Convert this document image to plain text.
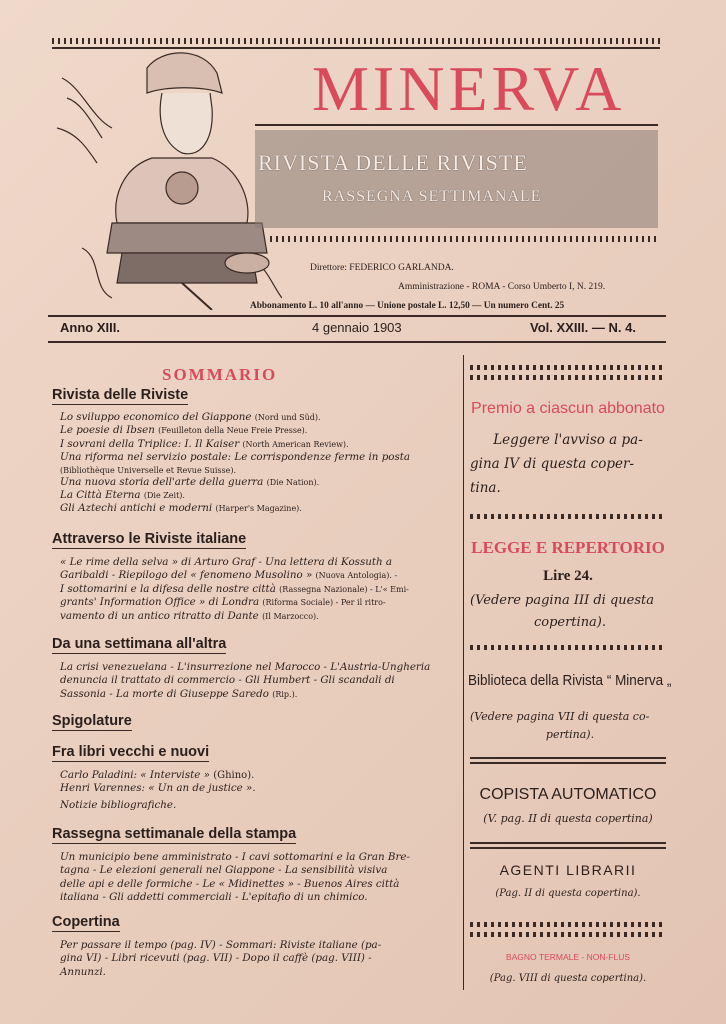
MINERVA
RIVISTA DELLE RIVISTE
RASSEGNA SETTIMANALE
Direttore: FEDERICO GARLANDA.
Amministrazione - ROMA - Corso Umberto I, N. 219.
Abbonamento L. 10 all'anno — Unione postale L. 12,50 — Un numero Cent. 25
Anno XIII.	4 gennaio 1903	Vol. XXIII. — N. 4.
SOMMARIO
Rivista delle Riviste
Lo sviluppo economico del Giappone (Nord und Süd).
Le poesie di Ibsen (Feuilleton della Neue Freie Presse).
I sovrani della Triplice: I. Il Kaiser (North American Review).
Una riforma nel servizio postale: Le corrispondenze ferme in posta
(Bibliothèque Universelle et Revue Suisse).
Una nuova storia dell'arte della guerra (Die Nation).
La Città Eterna (Die Zeit).
Gli Aztechi antichi e moderni (Harper's Magazine).
Attraverso le Riviste italiane
« Le rime della selva » di Arturo Graf - Una lettera di Kossuth a
Garibaldi - Riepilogo del « fenomeno Musolino » (Nuova Antologia). -
I sottomarini e la difesa delle nostre città (Rassegna Nazionale) - L'« Emi-
grants' Information Office » di Londra (Riforma Sociale) - Per il ritro-
vamento di un antico ritratto di Dante (Il Marzocco).
Da una settimana all'altra
La crisi venezuelana - L'insurrezione nel Marocco - L'Austria-Ungheria
denuncia il trattato di commercio - Gli Humbert - Gli scandali di
Sassonia - La morte di Giuseppe Saredo (Rip.).
Spigolature
Fra libri vecchi e nuovi
Carlo Paladini: « Interviste » (Ghino).
Henri Varennes: « Un an de justice ».
Notizie bibliografiche.
Rassegna settimanale della stampa
Un municipio bene amministrato - I cavi sottomarini e la Gran Bre-
tagna - Le elezioni generali nel Giappone - La sensibilità visiva
delle api e delle formiche - Le « Midinettes » - Buenos Aires città
italiana - Gli addetti commerciali - L'epitafio di un chimico.
Copertina
Per passare il tempo (pag. IV) - Sommari: Riviste italiane (pa-
gina VI) - Libri ricevuti (pag. VII) - Dopo il caffè (pag. VIII) -
Annunzi.
Premio a ciascun abbonato
Leggere l'avviso a pa-
gina IV di questa coper-
tina.
LEGGE E REPERTORIO
Lire 24.
(Vedere pagina III di questa
copertina).
Biblioteca della Rivista “ Minerva „
(Vedere pagina VII di questa co-
pertina).
COPISTA AUTOMATICO
(V. pag. II di questa copertina)
AGENTI LIBRARII
(Pag. II di questa copertina).
BAGNO TERMALE - NON-FLUS
(Pag. VIII di questa copertina).
